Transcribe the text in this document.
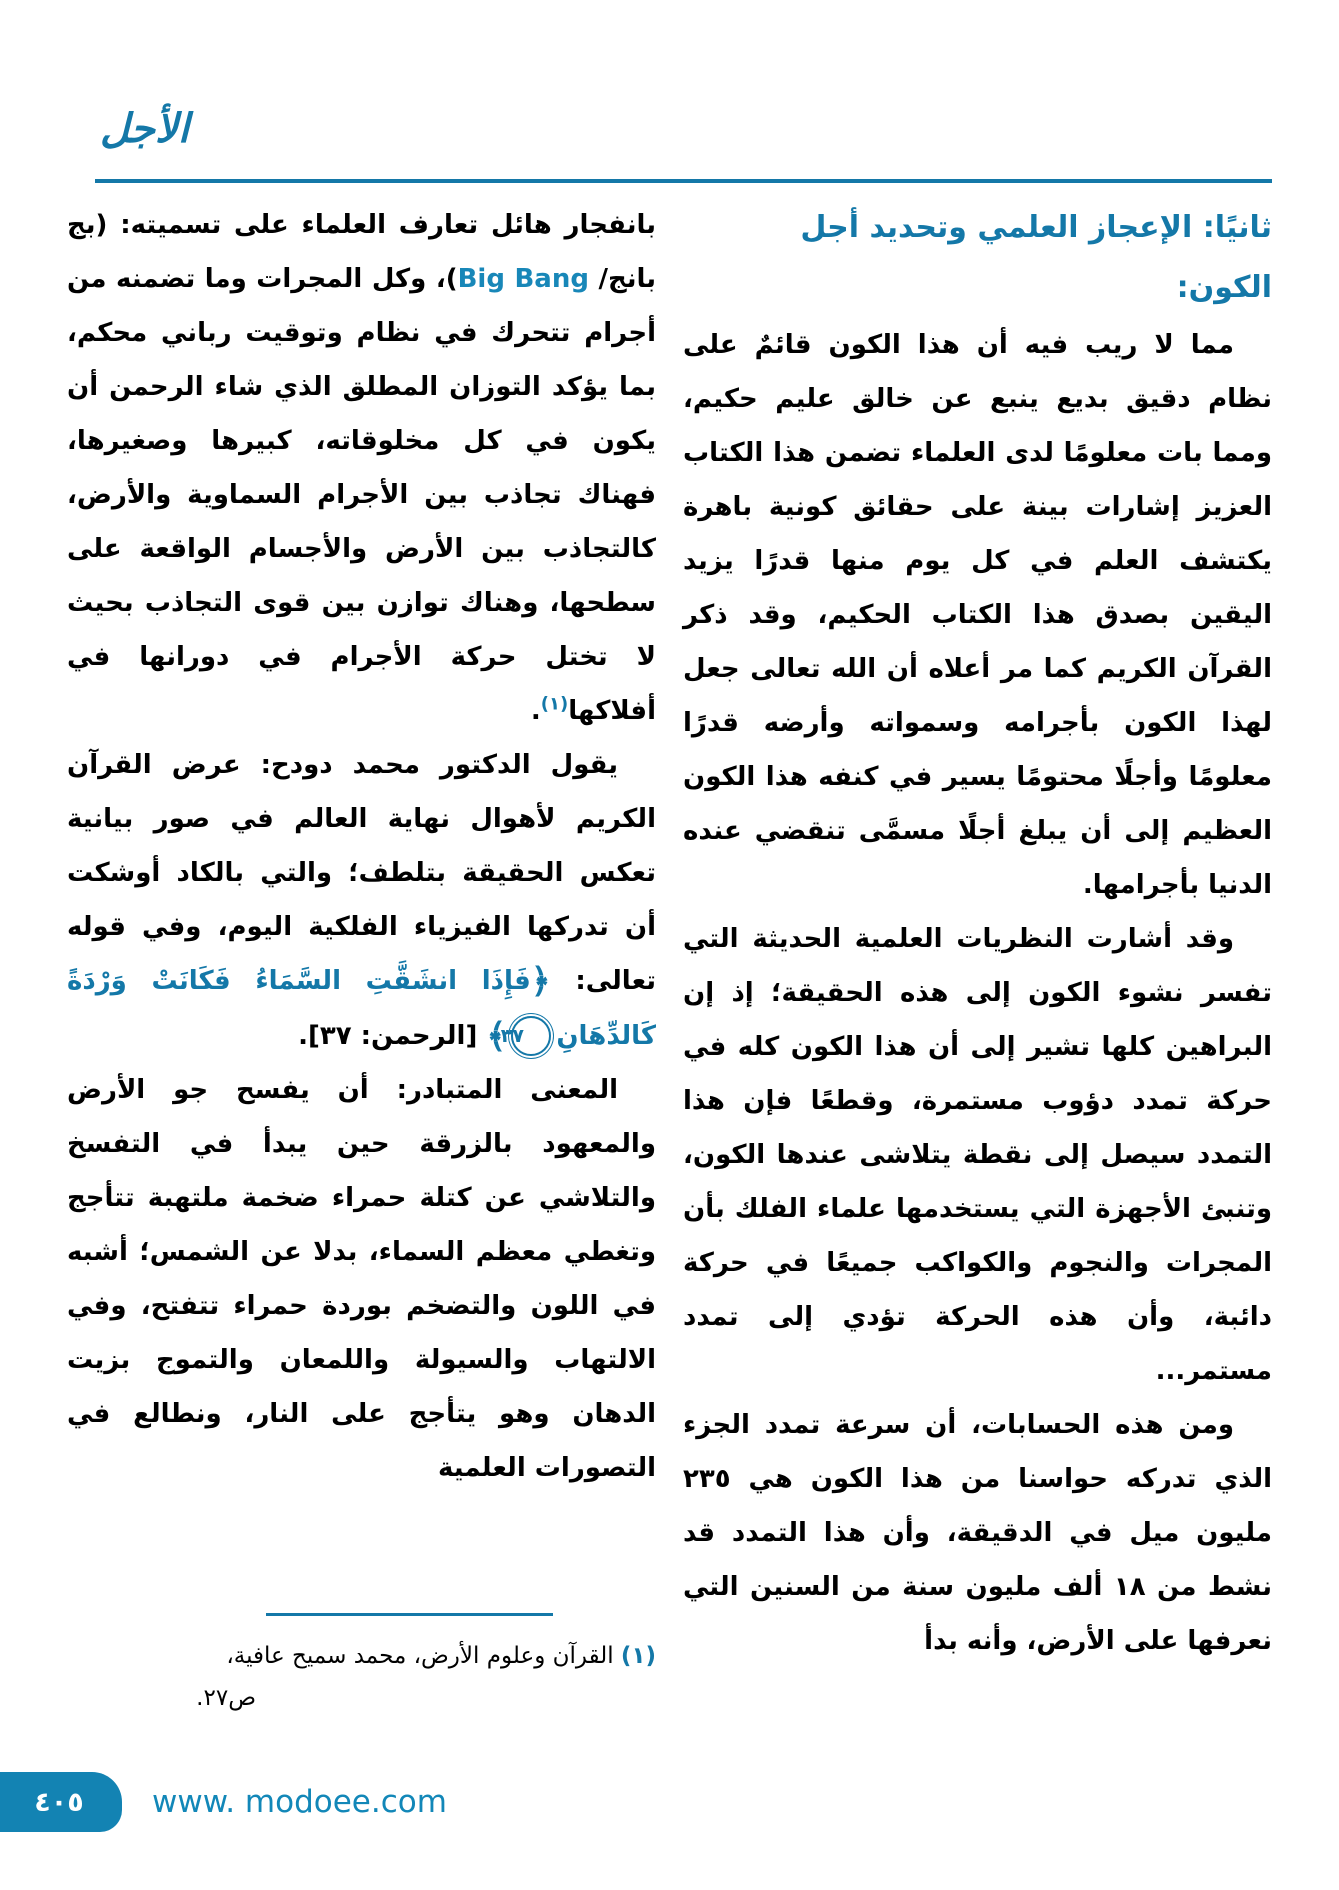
الأجل
ثانيًا: الإعجاز العلمي وتحديد أجل
الكون:

مما لا ريب فيه أن هذا الكون قائمٌ على نظام دقيق بديع ينبع عن خالق عليم حكيم، ومما بات معلومًا لدى العلماء تضمن هذا الكتاب العزيز إشارات بينة على حقائق كونية باهرة يكتشف العلم في كل يوم منها قدرًا يزيد اليقين بصدق هذا الكتاب الحكيم، وقد ذكر القرآن الكريم كما مر أعلاه أن الله تعالى جعل لهذا الكون بأجرامه وسمواته وأرضه قدرًا معلومًا وأجلًا محتومًا يسير في كنفه هذا الكون العظيم إلى أن يبلغ أجلًا مسمَّى تنقضي عنده الدنيا بأجرامها.

وقد أشارت النظريات العلمية الحديثة التي تفسر نشوء الكون إلى هذه الحقيقة؛ إذ إن البراهين كلها تشير إلى أن هذا الكون كله في حركة تمدد دؤوب مستمرة، وقطعًا فإن هذا التمدد سيصل إلى نقطة يتلاشى عندها الكون، وتنبئ الأجهزة التي يستخدمها علماء الفلك بأن المجرات والنجوم والكواكب جميعًا في حركة دائبة، وأن هذه الحركة تؤدي إلى تمدد مستمر...

ومن هذه الحسابات، أن سرعة تمدد الجزء الذي تدركه حواسنا من هذا الكون هي ٢٣٥ مليون ميل في الدقيقة، وأن هذا التمدد قد نشط من ١٨ ألف مليون سنة من السنين التي نعرفها على الأرض، وأنه بدأ

بانفجار هائل تعارف العلماء على تسميته: (بج بانج/ Big Bang)، وكل المجرات وما تضمنه من أجرام تتحرك في نظام وتوقيت رباني محكم، بما يؤكد التوزان المطلق الذي شاء الرحمن أن يكون في كل مخلوقاته، كبيرها وصغيرها، فهناك تجاذب بين الأجرام السماوية والأرض، كالتجاذب بين الأرض والأجسام الواقعة على سطحها، وهناك توازن بين قوى التجاذب بحيث لا تختل حركة الأجرام في دورانها في أفلاكها$^{(١)}$.

يقول الدكتور محمد دودح: عرض القرآن الكريم لأهوال نهاية العالم في صور بيانية تعكس الحقيقة بتلطف؛ والتي بالكاد أوشكت أن تدركها الفيزياء الفلكية اليوم، وفي قوله تعالى: ﴿فَإِذَا انشَقَّتِ السَّمَاءُ فَكَانَتْ وَرْدَةً كَالدِّهَانِ٣٧﴾ [الرحمن: ٣٧].

المعنى المتبادر: أن يفسح جو الأرض والمعهود بالزرقة حين يبدأ في التفسخ والتلاشي عن كتلة حمراء ضخمة ملتهبة تتأجج وتغطي معظم السماء، بدلا عن الشمس؛ أشبه في اللون والتضخم بوردة حمراء تتفتح، وفي الالتهاب والسيولة واللمعان والتموج بزيت الدهان وهو يتأجج على النار، ونطالع في التصورات العلمية

(١) القرآن وعلوم الأرض، محمد سميح عافية،

ص٢٧.

٤٠٥ www. modoee.com
